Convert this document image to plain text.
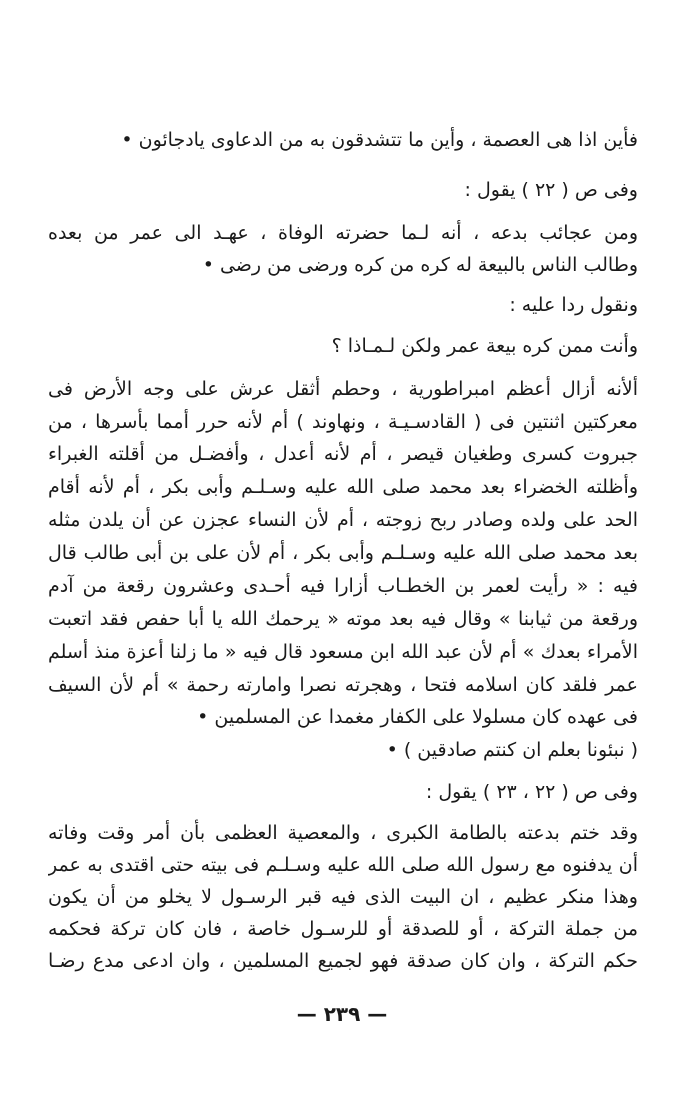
فأين اذا هى العصمة ، وأين ما تتشدقون به من الدعاوى يادجائون •
وفى ص ( ٢٢ ) يقول :
ومن عجائب بدعه ، أنه لـما حضرته الوفاة ، عهـد الى عمر من بعده
وطالب الناس بالبيعة له كره من كره ورضى من رضى •
ونقول ردا عليه :
وأنت ممن كره بيعة عمر ولكن لـمـاذا ؟
ألأنه أزال أعظم امبراطورية ، وحطم أثقل عرش على وجه الأرض فى
معركتين اثنتين فى ( القادسـيـة ، ونهاوند ) أم لأنه حرر أمما بأسرها ، من
جبروت كسرى وطغيان قيصر ، أم لأنه أعدل ، وأفضـل من أقلته الغبراء
وأظلته الخضراء بعد محمد صلى الله عليه وسـلـم وأبى بكر ، أم لأنه أقام
الحد على ولده وصادر ربح زوجته ، أم لأن النساء عجزن عن أن يلدن مثله
بعد محمد صلى الله عليه وسـلـم وأبى بكر ، أم لأن على بن أبى طالب قال
فيه : « رأيت لعمر بن الخطـاب أزارا فيه أحـدى وعشرون رقعة من آدم
ورقعة من ثيابنا » وقال فيه بعد موته « يرحمك الله يا أبا حفص فقد اتعبت
الأمراء بعدك » أم لأن عبد الله ابن مسعود قال فيه « ما زلنا أعزة منذ أسلم
عمر فلقد كان اسلامه فتحا ، وهجرته نصرا وامارته رحمة » أم لأن السيف
فى عهده كان مسلولا على الكفار مغمدا عن المسلمين •
( نبئونا بعلم ان كنتم صادقين ) •
وفى ص ( ٢٢ ، ٢٣ ) يقول :
وقد ختم بدعته بالطامة الكبرى ، والمعصية العظمى بأن أمر وقت وفاته
أن يدفنوه مع رسول الله صلى الله عليه وسـلـم فى بيته حتى اقتدى به عمر
وهذا منكر عظيم ، ان البيت الذى فيه قبر الرسـول لا يخلو من أن يكون
من جملة التركة ، أو للصدقة أو للرسـول خاصة ، فان كان تركة فحكمه
حكم التركة ، وان كان صدقة فهو لجميع المسلمين ، وان ادعى مدع رضـا
— ٢٣٩ —
